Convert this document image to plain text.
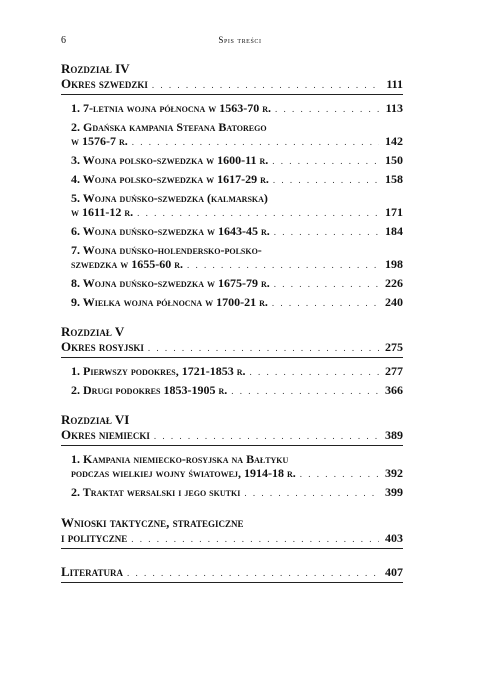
6	Spis treści
Rozdział IV
Okres szwedzki . . .	111
1. 7-letnia wojna północna w 1563-70 r. . . .	113
2. Gdańska kampania Stefana Batorego
w 1576-7 r. . . .	142
3. Wojna polsko-szwedzka w 1600-11 r. . . .	150
4. Wojna polsko-szwedzka w 1617-29 r. . . .	158
5. Wojna duńsko-szwedzka (kalmarska)
w 1611-12 r. . . .	171
6. Wojna duńsko-szwedzka w 1643-45 r. . . .	184
7. Wojna duńsko-holendersko-polsko-
szwedzka w 1655-60 r. . . .	198
8. Wojna duńsko-szwedzka w 1675-79 r. . . .	226
9. Wielka wojna północna w 1700-21 r. . . .	240
Rozdział V
Okres rosyjski . . .	275
1. Pierwszy podokres, 1721-1853 r. . . .	277
2. Drugi podokres 1853-1905 r. . . .	366
Rozdział VI
Okres niemiecki . . .	389
1. Kampania niemiecko-rosyjska na Bałtyku
podczas wielkiej wojny światowej, 1914-18 r. . . .	392
2. Traktat wersalski i jego skutki . . .	399
Wnioski taktyczne, strategiczne
i polityczne . . .	403
Literatura . . .	407
